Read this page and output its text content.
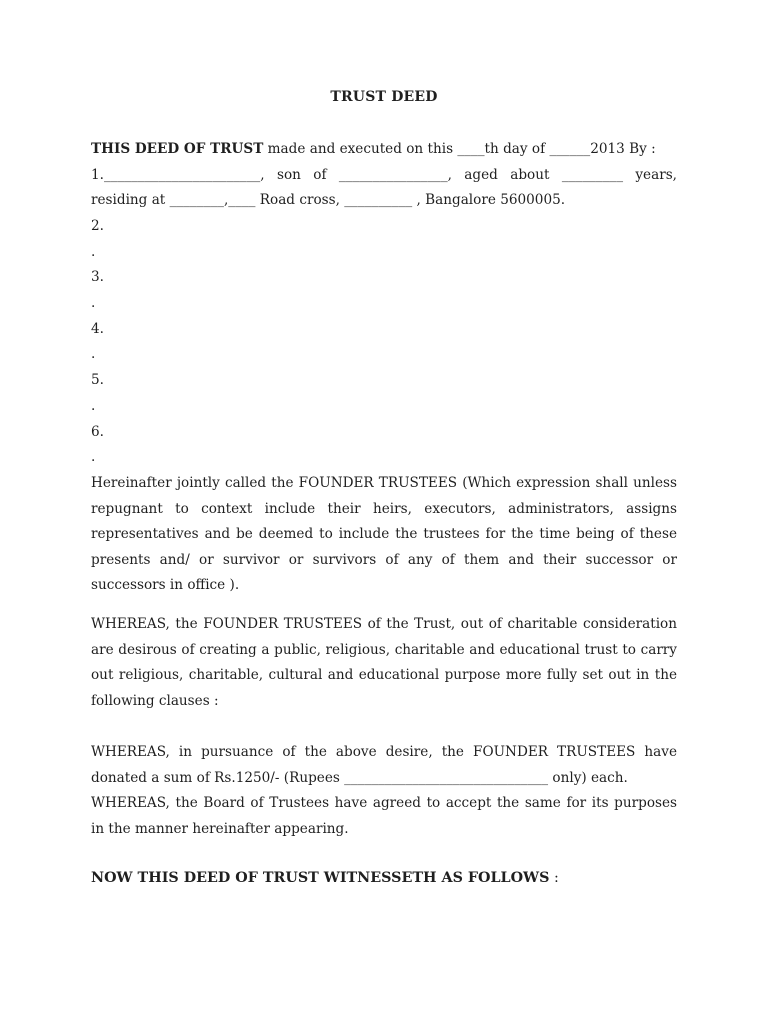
TRUST DEED
THIS DEED OF TRUST made and executed on this ____th day of ______2013 By :
1._______________________, son of ________________, aged about _________ years,
residing at ________,____ Road cross, __________ , Bangalore 5600005.
2.
.
3.
.
4.
.
5.
.
6.
.
Hereinafter jointly called the FOUNDER TRUSTEES (Which expression shall unless repugnant to context include their heirs, executors, administrators, assigns representatives and be deemed to include the trustees for the time being of these presents and/ or survivor or survivors of any of them and their successor or successors in office ).
WHEREAS, the FOUNDER TRUSTEES of the Trust, out of charitable consideration are desirous of creating a public, religious, charitable and educational trust to carry out religious, charitable, cultural and educational purpose more fully set out in the following clauses :
WHEREAS, in pursuance of the above desire, the FOUNDER TRUSTEES have donated a sum of Rs.1250/- (Rupees ______________________________ only) each.
WHEREAS, the Board of Trustees have agreed to accept the same for its purposes in the manner hereinafter appearing.
NOW THIS DEED OF TRUST WITNESSETH AS FOLLOWS :
